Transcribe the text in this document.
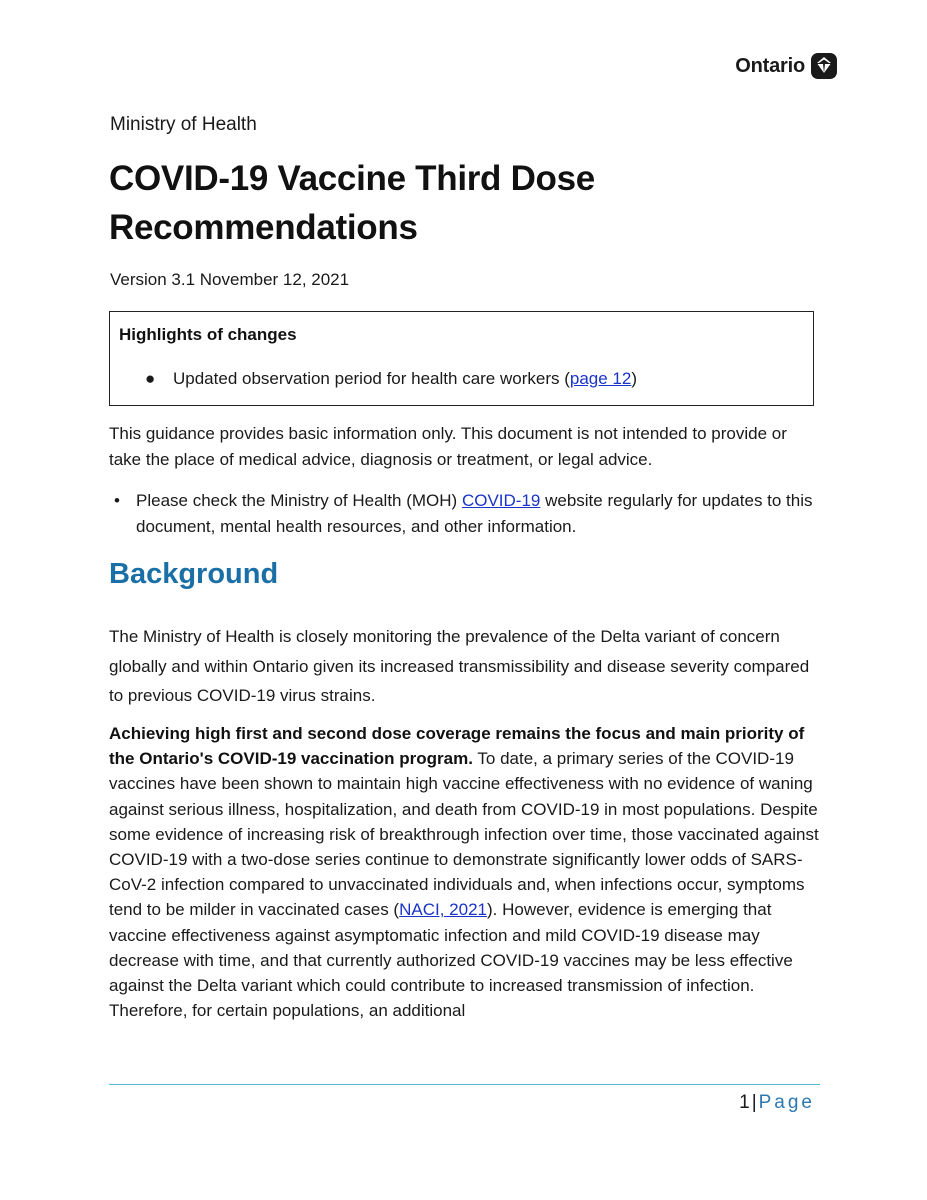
Ontario
Ministry of Health
COVID-19 Vaccine Third Dose
Recommendations
Version 3.1 November 12, 2021
Highlights of changes
●	Updated observation period for health care workers (page 12)

This guidance provides basic information only. This document is not intended to provide or take the place of medical advice, diagnosis or treatment, or legal advice.

• Please check the Ministry of Health (MOH) COVID-19 website regularly for updates to this document, mental health resources, and other information.
Background

The Ministry of Health is closely monitoring the prevalence of the Delta variant of concern globally and within Ontario given its increased transmissibility and disease severity compared to previous COVID-19 virus strains.

Achieving high first and second dose coverage remains the focus and main priority of the Ontario's COVID-19 vaccination program. To date, a primary series of the COVID-19 vaccines have been shown to maintain high vaccine effectiveness with no evidence of waning against serious illness, hospitalization, and death from COVID-19 in most populations. Despite some evidence of increasing risk of breakthrough infection over time, those vaccinated against COVID-19 with a two-dose series continue to demonstrate significantly lower odds of SARS-CoV-2 infection compared to unvaccinated individuals and, when infections occur, symptoms tend to be milder in vaccinated cases (NACI, 2021). However, evidence is emerging that vaccine effectiveness against asymptomatic infection and mild COVID-19 disease may decrease with time, and that currently authorized COVID-19 vaccines may be less effective against the Delta variant which could contribute to increased transmission of infection. Therefore, for certain populations, an additional

1 | Page
